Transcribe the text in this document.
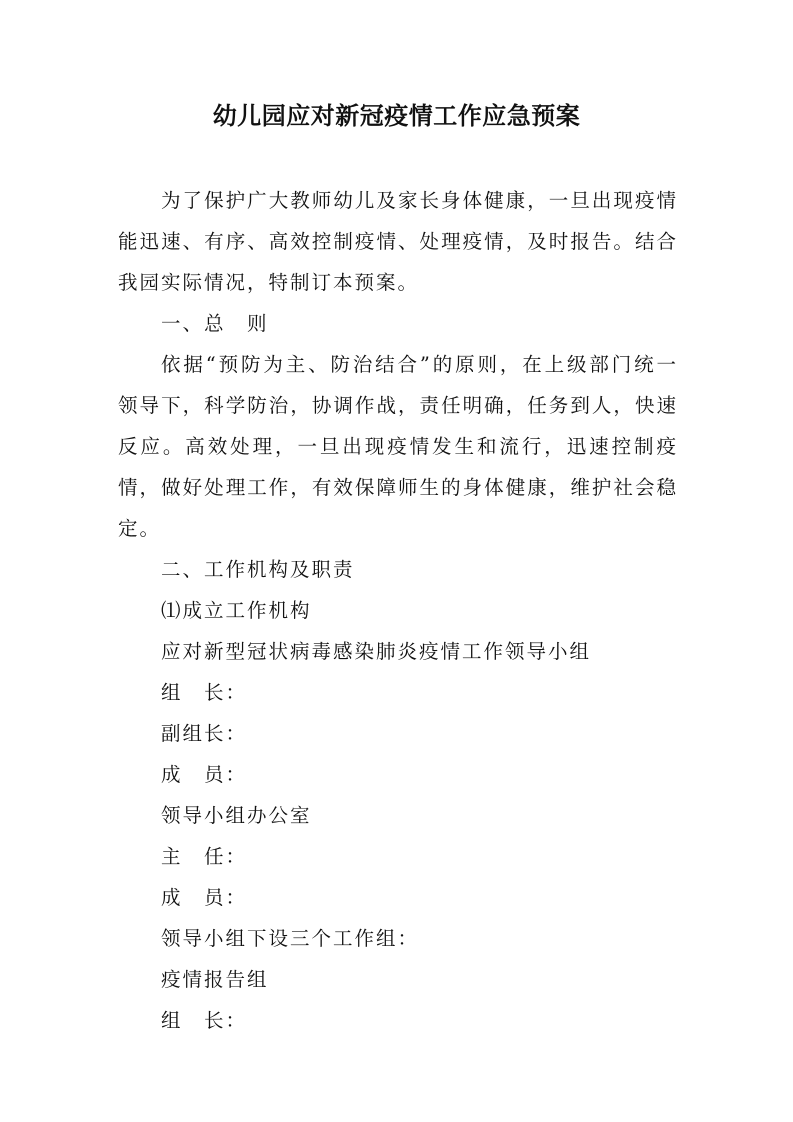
幼儿园应对新冠疫情工作应急预案

为了保护广大教师幼儿及家长身体健康，一旦出现疫情能迅速、有序、高效控制疫情、处理疫情，及时报告。结合我园实际情况，特制订本预案。

一、总　则

依据“预防为主、防治结合”的原则，在上级部门统一领导下，科学防治，协调作战，责任明确，任务到人，快速反应。高效处理，一旦出现疫情发生和流行，迅速控制疫情，做好处理工作，有效保障师生的身体健康，维护社会稳定。

二、工作机构及职责

⑴成立工作机构

应对新型冠状病毒感染肺炎疫情工作领导小组

组　长：

副组长：

成　员：

领导小组办公室

主　任：

成　员：

领导小组下设三个工作组：

疫情报告组

组　长：
